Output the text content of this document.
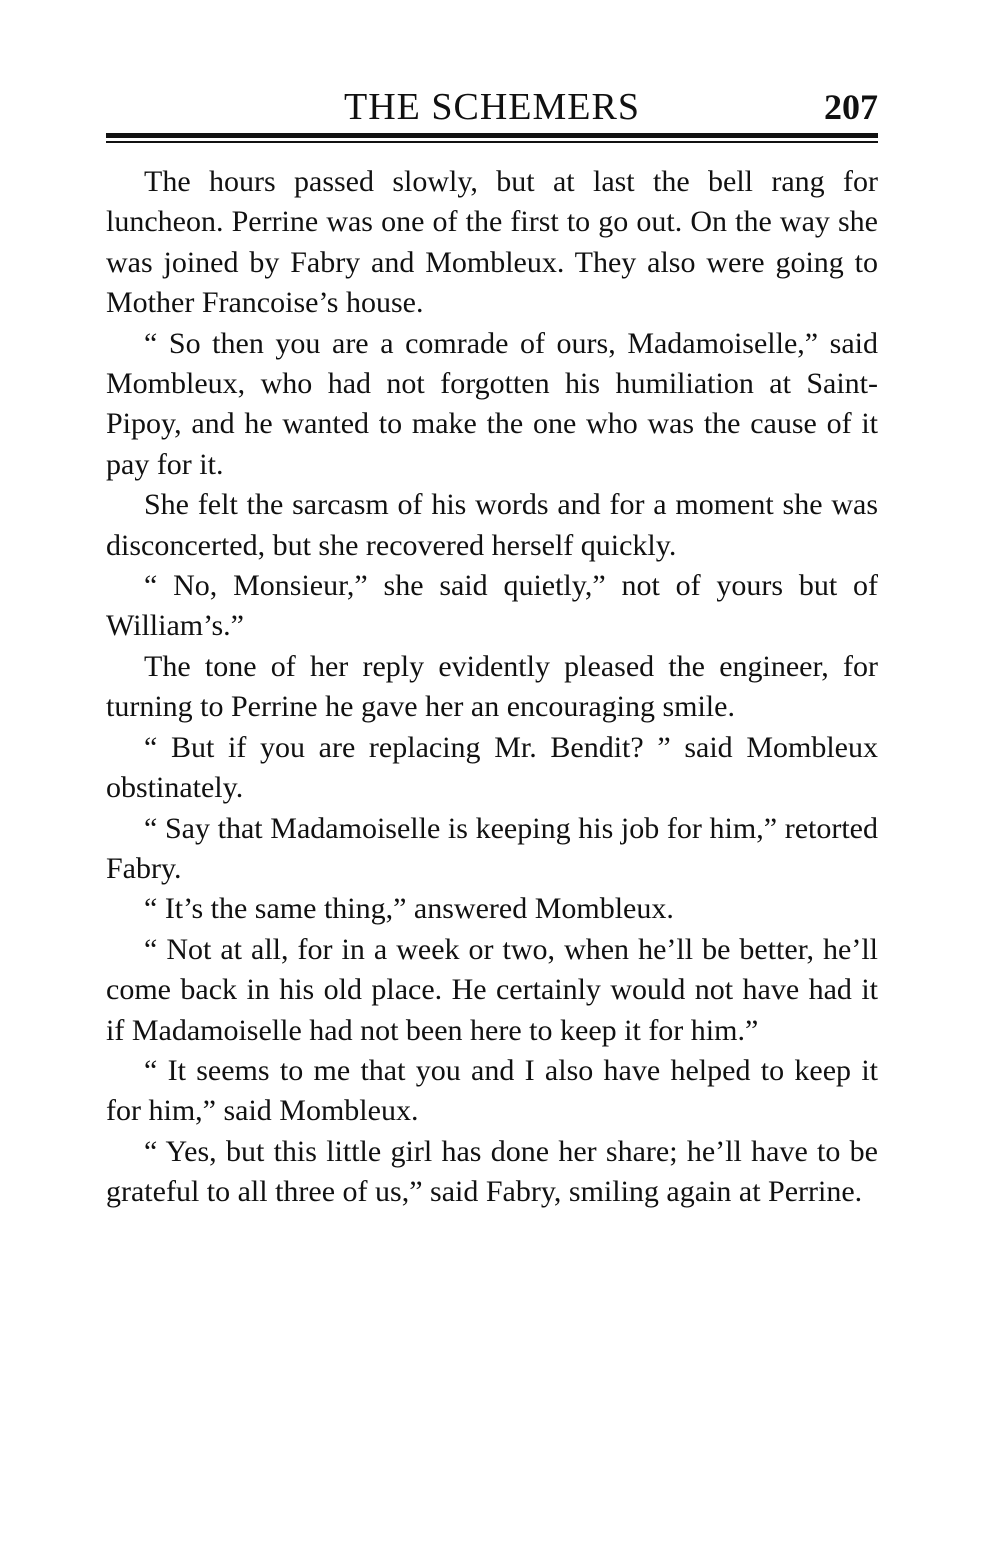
THE SCHEMERS	207

The hours passed slowly, but at last the bell rang for luncheon. Perrine was one of the first to go out. On the way she was joined by Fabry and Mombleux. They also were going to Mother Francoise’s house.

“ So then you are a comrade of ours, Madamoiselle,” said Mombleux, who had not forgotten his humiliation at Saint-Pipoy, and he wanted to make the one who was the cause of it pay for it.

She felt the sarcasm of his words and for a moment she was disconcerted, but she recovered herself quickly.

“ No, Monsieur,” she said quietly,” not of yours but of William’s.”

The tone of her reply evidently pleased the engineer, for turning to Perrine he gave her an encouraging smile.

“ But if you are replacing Mr. Bendit? ” said Mombleux obstinately.

“ Say that Madamoiselle is keeping his job for him,” retorted Fabry.

“ It’s the same thing,” answered Mombleux.

“ Not at all, for in a week or two, when he’ll be better, he’ll come back in his old place. He certainly would not have had it if Madamoiselle had not been here to keep it for him.”

“ It seems to me that you and I also have helped to keep it for him,” said Mombleux.

“ Yes, but this little girl has done her share; he’ll have to be grateful to all three of us,” said Fabry, smiling again at Perrine.
